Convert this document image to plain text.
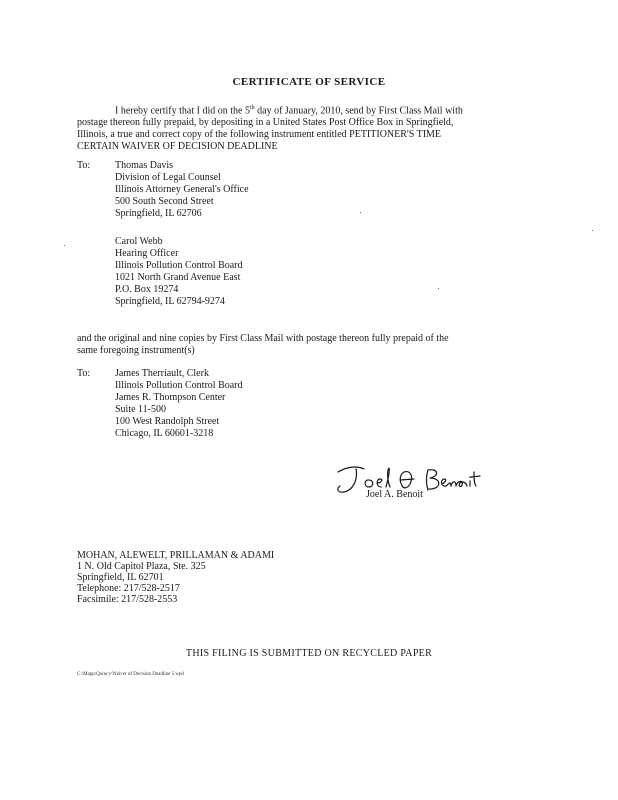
CERTIFICATE OF SERVICE

I hereby certify that I did on the 5th day of January, 2010, send by First Class Mail with
postage thereon fully prepaid, by depositing in a United States Post Office Box in Springfield,
Illinois, a true and correct copy of the following instrument entitled PETITIONER'S TIME
CERTAIN WAIVER OF DECISION DEADLINE
To: Thomas Davis
Division of Legal Counsel
Illinois Attorney General's Office
500 South Second Street
Springfield, IL 62706
Carol Webb
Hearing Officer
Illinois Pollution Control Board
1021 North Grand Avenue East
P.O. Box 19274
Springfield, IL 62794-9274
and the original and nine copies by First Class Mail with postage thereon fully prepaid of the
same foregoing instrument(s)
To: James Therriault, Clerk
Illinois Pollution Control Board
James R. Thompson Center
Suite 11-500
100 West Randolph Street
Chicago, IL 60601-3218
Joel A. Benoit
MOHAN, ALEWELT, PRILLAMAN & ADAMI
1 N. Old Capitol Plaza, Ste. 325
Springfield, IL 62701
Telephone: 217/528-2517
Facsimile: 217/528-2553

THIS FILING IS SUBMITTED ON RECYCLED PAPER

C:\Mapp\Quincy\Waiver of Decision Deadline 5.wpd
